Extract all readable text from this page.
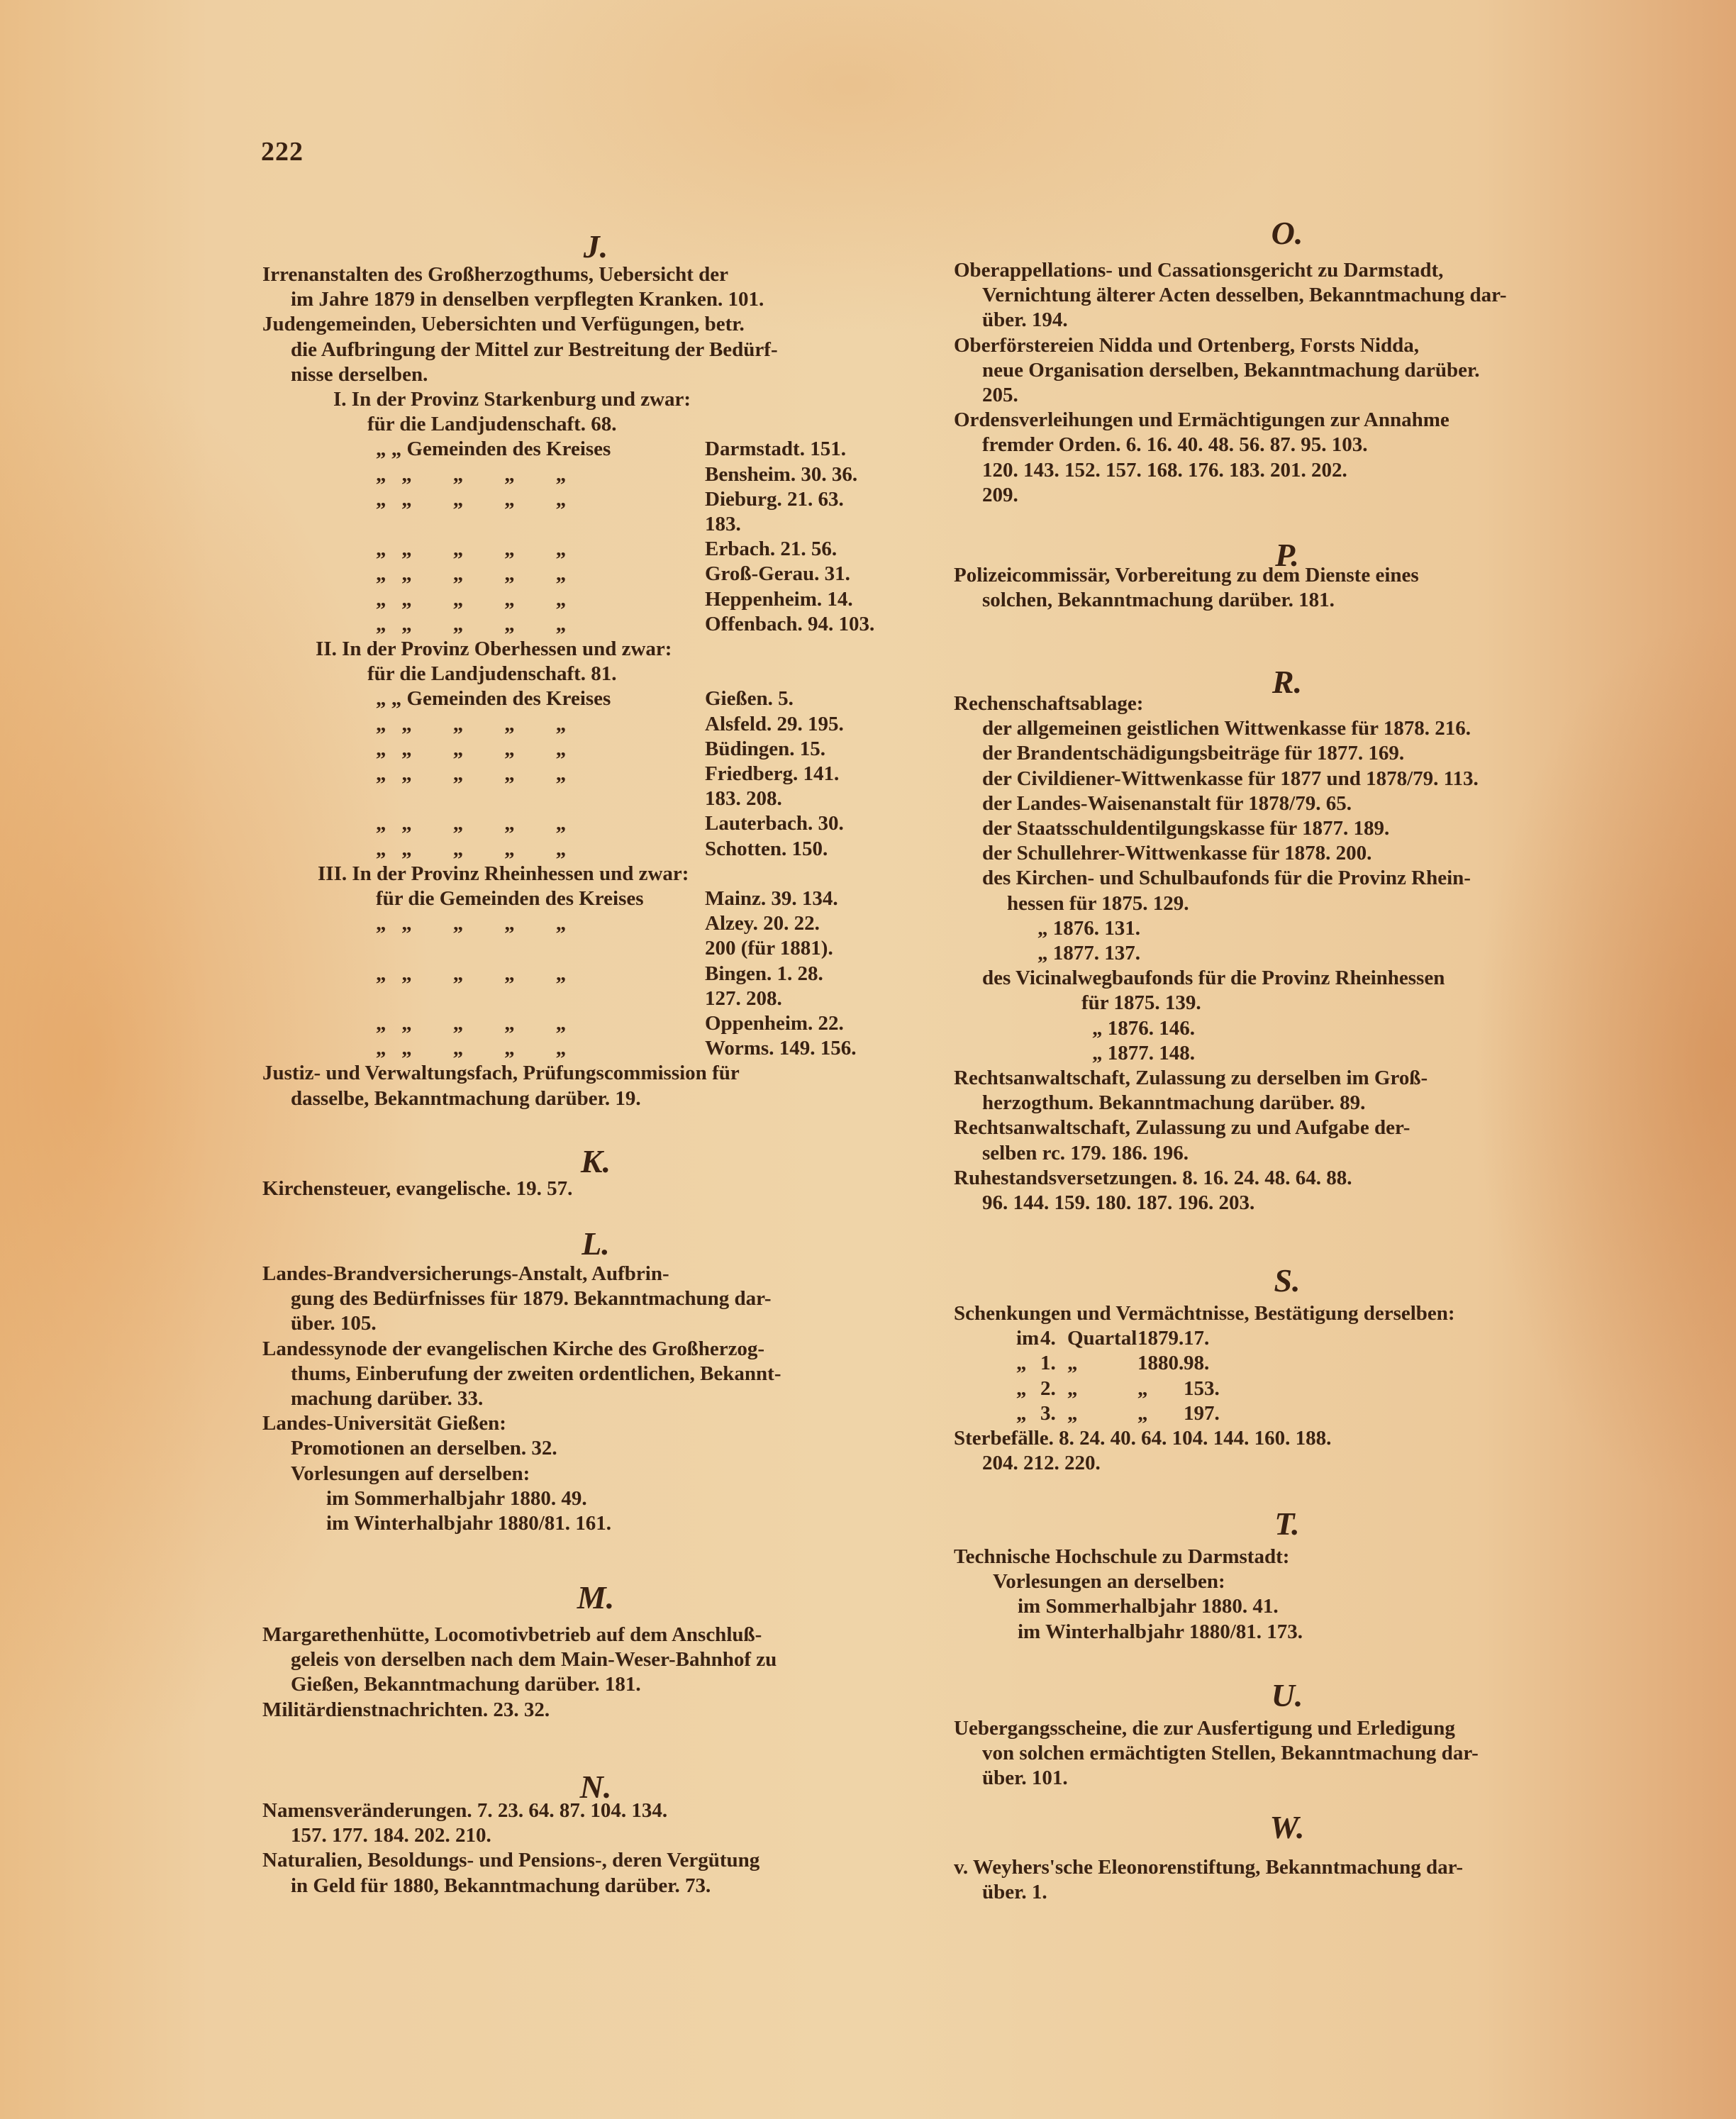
222
J.
Irrenanstalten des Großherzogthums, Uebersicht der
im Jahre 1879 in denselben verpflegten Kranken. 101.
Judengemeinden, Uebersichten und Verfügungen, betr.
die Aufbringung der Mittel zur Bestreitung der Bedürf-
nisse derselben.
I. In der Provinz Starkenburg und zwar:
für die Landjudenschaft. 68.
„ „ Gemeinden des Kreises	Darmstadt. 151.
„   „        „        „        „	Bensheim. 30. 36.
„   „        „        „        „	Dieburg. 21. 63.
183.
„   „        „        „        „	Erbach. 21. 56.
„   „        „        „        „	Groß-Gerau. 31.
„   „        „        „        „	Heppenheim. 14.
„   „        „        „        „	Offenbach. 94. 103.
II. In der Provinz Oberhessen und zwar:
für die Landjudenschaft. 81.
„ „ Gemeinden des Kreises	Gießen. 5.
„   „        „        „        „	Alsfeld. 29. 195.
„   „        „        „        „	Büdingen. 15.
„   „        „        „        „	Friedberg. 141.
183. 208.
„   „        „        „        „	Lauterbach. 30.
„   „        „        „        „	Schotten. 150.
III. In der Provinz Rheinhessen und zwar:
für die Gemeinden des Kreises	Mainz. 39. 134.
„   „        „        „        „	Alzey. 20. 22.
200 (für 1881).
„   „        „        „        „	Bingen. 1. 28.
127. 208.
„   „        „        „        „	Oppenheim. 22.
„   „        „        „        „	Worms. 149. 156.
Justiz- und Verwaltungsfach, Prüfungscommission für
dasselbe, Bekanntmachung darüber. 19.
K.
Kirchensteuer, evangelische. 19. 57.
L.
Landes-Brandversicherungs-Anstalt, Aufbrin-
gung des Bedürfnisses für 1879. Bekanntmachung dar-
über. 105.
Landessynode der evangelischen Kirche des Großherzog-
thums, Einberufung der zweiten ordentlichen, Bekannt-
machung darüber. 33.
Landes-Universität Gießen:
Promotionen an derselben. 32.
Vorlesungen auf derselben:
im Sommerhalbjahr 1880. 49.
im Winterhalbjahr 1880/81. 161.
M.
Margarethenhütte, Locomotivbetrieb auf dem Anschluß-
geleis von derselben nach dem Main-Weser-Bahnhof zu
Gießen, Bekanntmachung darüber. 181.
Militärdienstnachrichten. 23. 32.
N.
Namensveränderungen. 7. 23. 64. 87. 104. 134.
157. 177. 184. 202. 210.
Naturalien, Besoldungs- und Pensions-, deren Vergütung
in Geld für 1880, Bekanntmachung darüber. 73.
O.
Oberappellations- und Cassationsgericht zu Darmstadt,
Vernichtung älterer Acten desselben, Bekanntmachung dar-
über. 194.
Oberförstereien Nidda und Ortenberg, Forsts Nidda,
neue Organisation derselben, Bekanntmachung darüber.
205.
Ordensverleihungen und Ermächtigungen zur Annahme
fremder Orden. 6. 16. 40. 48. 56. 87. 95. 103.
120. 143. 152. 157. 168. 176. 183. 201. 202.
209.
P.
Polizeicommissär, Vorbereitung zu dem Dienste eines
solchen, Bekanntmachung darüber. 181.
R.
Rechenschaftsablage:
der allgemeinen geistlichen Wittwenkasse für 1878. 216.
der Brandentschädigungsbeiträge für 1877. 169.
der Civildiener-Wittwenkasse für 1877 und 1878/79. 113.
der Landes-Waisenanstalt für 1878/79. 65.
der Staatsschuldentilgungskasse für 1877. 189.
der Schullehrer-Wittwenkasse für 1878. 200.
des Kirchen- und Schulbaufonds für die Provinz Rhein-
hessen für 1875. 129.
„ 1876. 131.
„ 1877. 137.
des Vicinalwegbaufonds für die Provinz Rheinhessen
für 1875. 139.
„ 1876. 146.
„ 1877. 148.
Rechtsanwaltschaft, Zulassung zu derselben im Groß-
herzogthum. Bekanntmachung darüber. 89.
Rechtsanwaltschaft, Zulassung zu und Aufgabe der-
selben rc. 179. 186. 196.
Ruhestandsversetzungen. 8. 16. 24. 48. 64. 88.
96. 144. 159. 180. 187. 196. 203.
S.
Schenkungen und Vermächtnisse, Bestätigung derselben:
im 4. Quartal 1879. 17.
„ 1. „	1880. 98.
„ 2. „	„ 153.
„ 3. „	„ 197.
Sterbefälle. 8. 24. 40. 64. 104. 144. 160. 188.
204. 212. 220.
T.
Technische Hochschule zu Darmstadt:
Vorlesungen an derselben:
im Sommerhalbjahr 1880. 41.
im Winterhalbjahr 1880/81. 173.
U.
Uebergangsscheine, die zur Ausfertigung und Erledigung
von solchen ermächtigten Stellen, Bekanntmachung dar-
über. 101.
W.
v. Weyhers'sche Eleonorenstiftung, Bekanntmachung dar-
über. 1.
